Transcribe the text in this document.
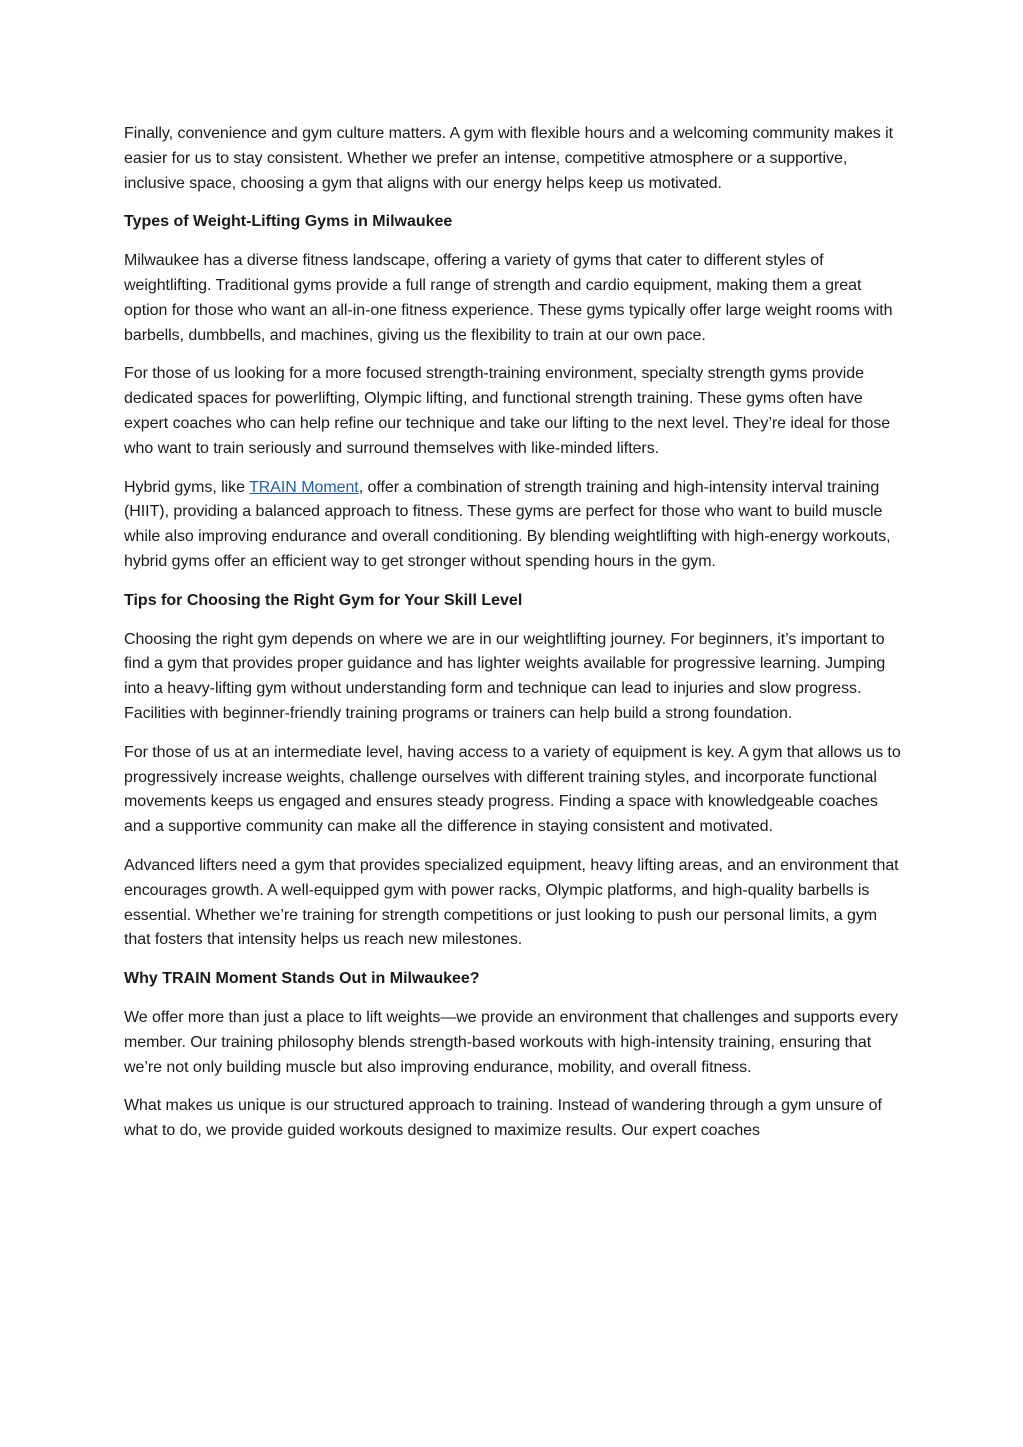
Finally, convenience and gym culture matters. A gym with flexible hours and a welcoming community makes it easier for us to stay consistent. Whether we prefer an intense, competitive atmosphere or a supportive, inclusive space, choosing a gym that aligns with our energy helps keep us motivated.

Types of Weight-Lifting Gyms in Milwaukee

Milwaukee has a diverse fitness landscape, offering a variety of gyms that cater to different styles of weightlifting. Traditional gyms provide a full range of strength and cardio equipment, making them a great option for those who want an all-in-one fitness experience. These gyms typically offer large weight rooms with barbells, dumbbells, and machines, giving us the flexibility to train at our own pace.

For those of us looking for a more focused strength-training environment, specialty strength gyms provide dedicated spaces for powerlifting, Olympic lifting, and functional strength training. These gyms often have expert coaches who can help refine our technique and take our lifting to the next level. They’re ideal for those who want to train seriously and surround themselves with like-minded lifters.

Hybrid gyms, like TRAIN Moment, offer a combination of strength training and high-intensity interval training (HIIT), providing a balanced approach to fitness. These gyms are perfect for those who want to build muscle while also improving endurance and overall conditioning. By blending weightlifting with high-energy workouts, hybrid gyms offer an efficient way to get stronger without spending hours in the gym.

Tips for Choosing the Right Gym for Your Skill Level

Choosing the right gym depends on where we are in our weightlifting journey. For beginners, it’s important to find a gym that provides proper guidance and has lighter weights available for progressive learning. Jumping into a heavy-lifting gym without understanding form and technique can lead to injuries and slow progress. Facilities with beginner-friendly training programs or trainers can help build a strong foundation.

For those of us at an intermediate level, having access to a variety of equipment is key. A gym that allows us to progressively increase weights, challenge ourselves with different training styles, and incorporate functional movements keeps us engaged and ensures steady progress. Finding a space with knowledgeable coaches and a supportive community can make all the difference in staying consistent and motivated.

Advanced lifters need a gym that provides specialized equipment, heavy lifting areas, and an environment that encourages growth. A well-equipped gym with power racks, Olympic platforms, and high-quality barbells is essential. Whether we’re training for strength competitions or just looking to push our personal limits, a gym that fosters that intensity helps us reach new milestones.

Why TRAIN Moment Stands Out in Milwaukee?

We offer more than just a place to lift weights—we provide an environment that challenges and supports every member. Our training philosophy blends strength-based workouts with high-intensity training, ensuring that we’re not only building muscle but also improving endurance, mobility, and overall fitness.

What makes us unique is our structured approach to training. Instead of wandering through a gym unsure of what to do, we provide guided workouts designed to maximize results. Our expert coaches
